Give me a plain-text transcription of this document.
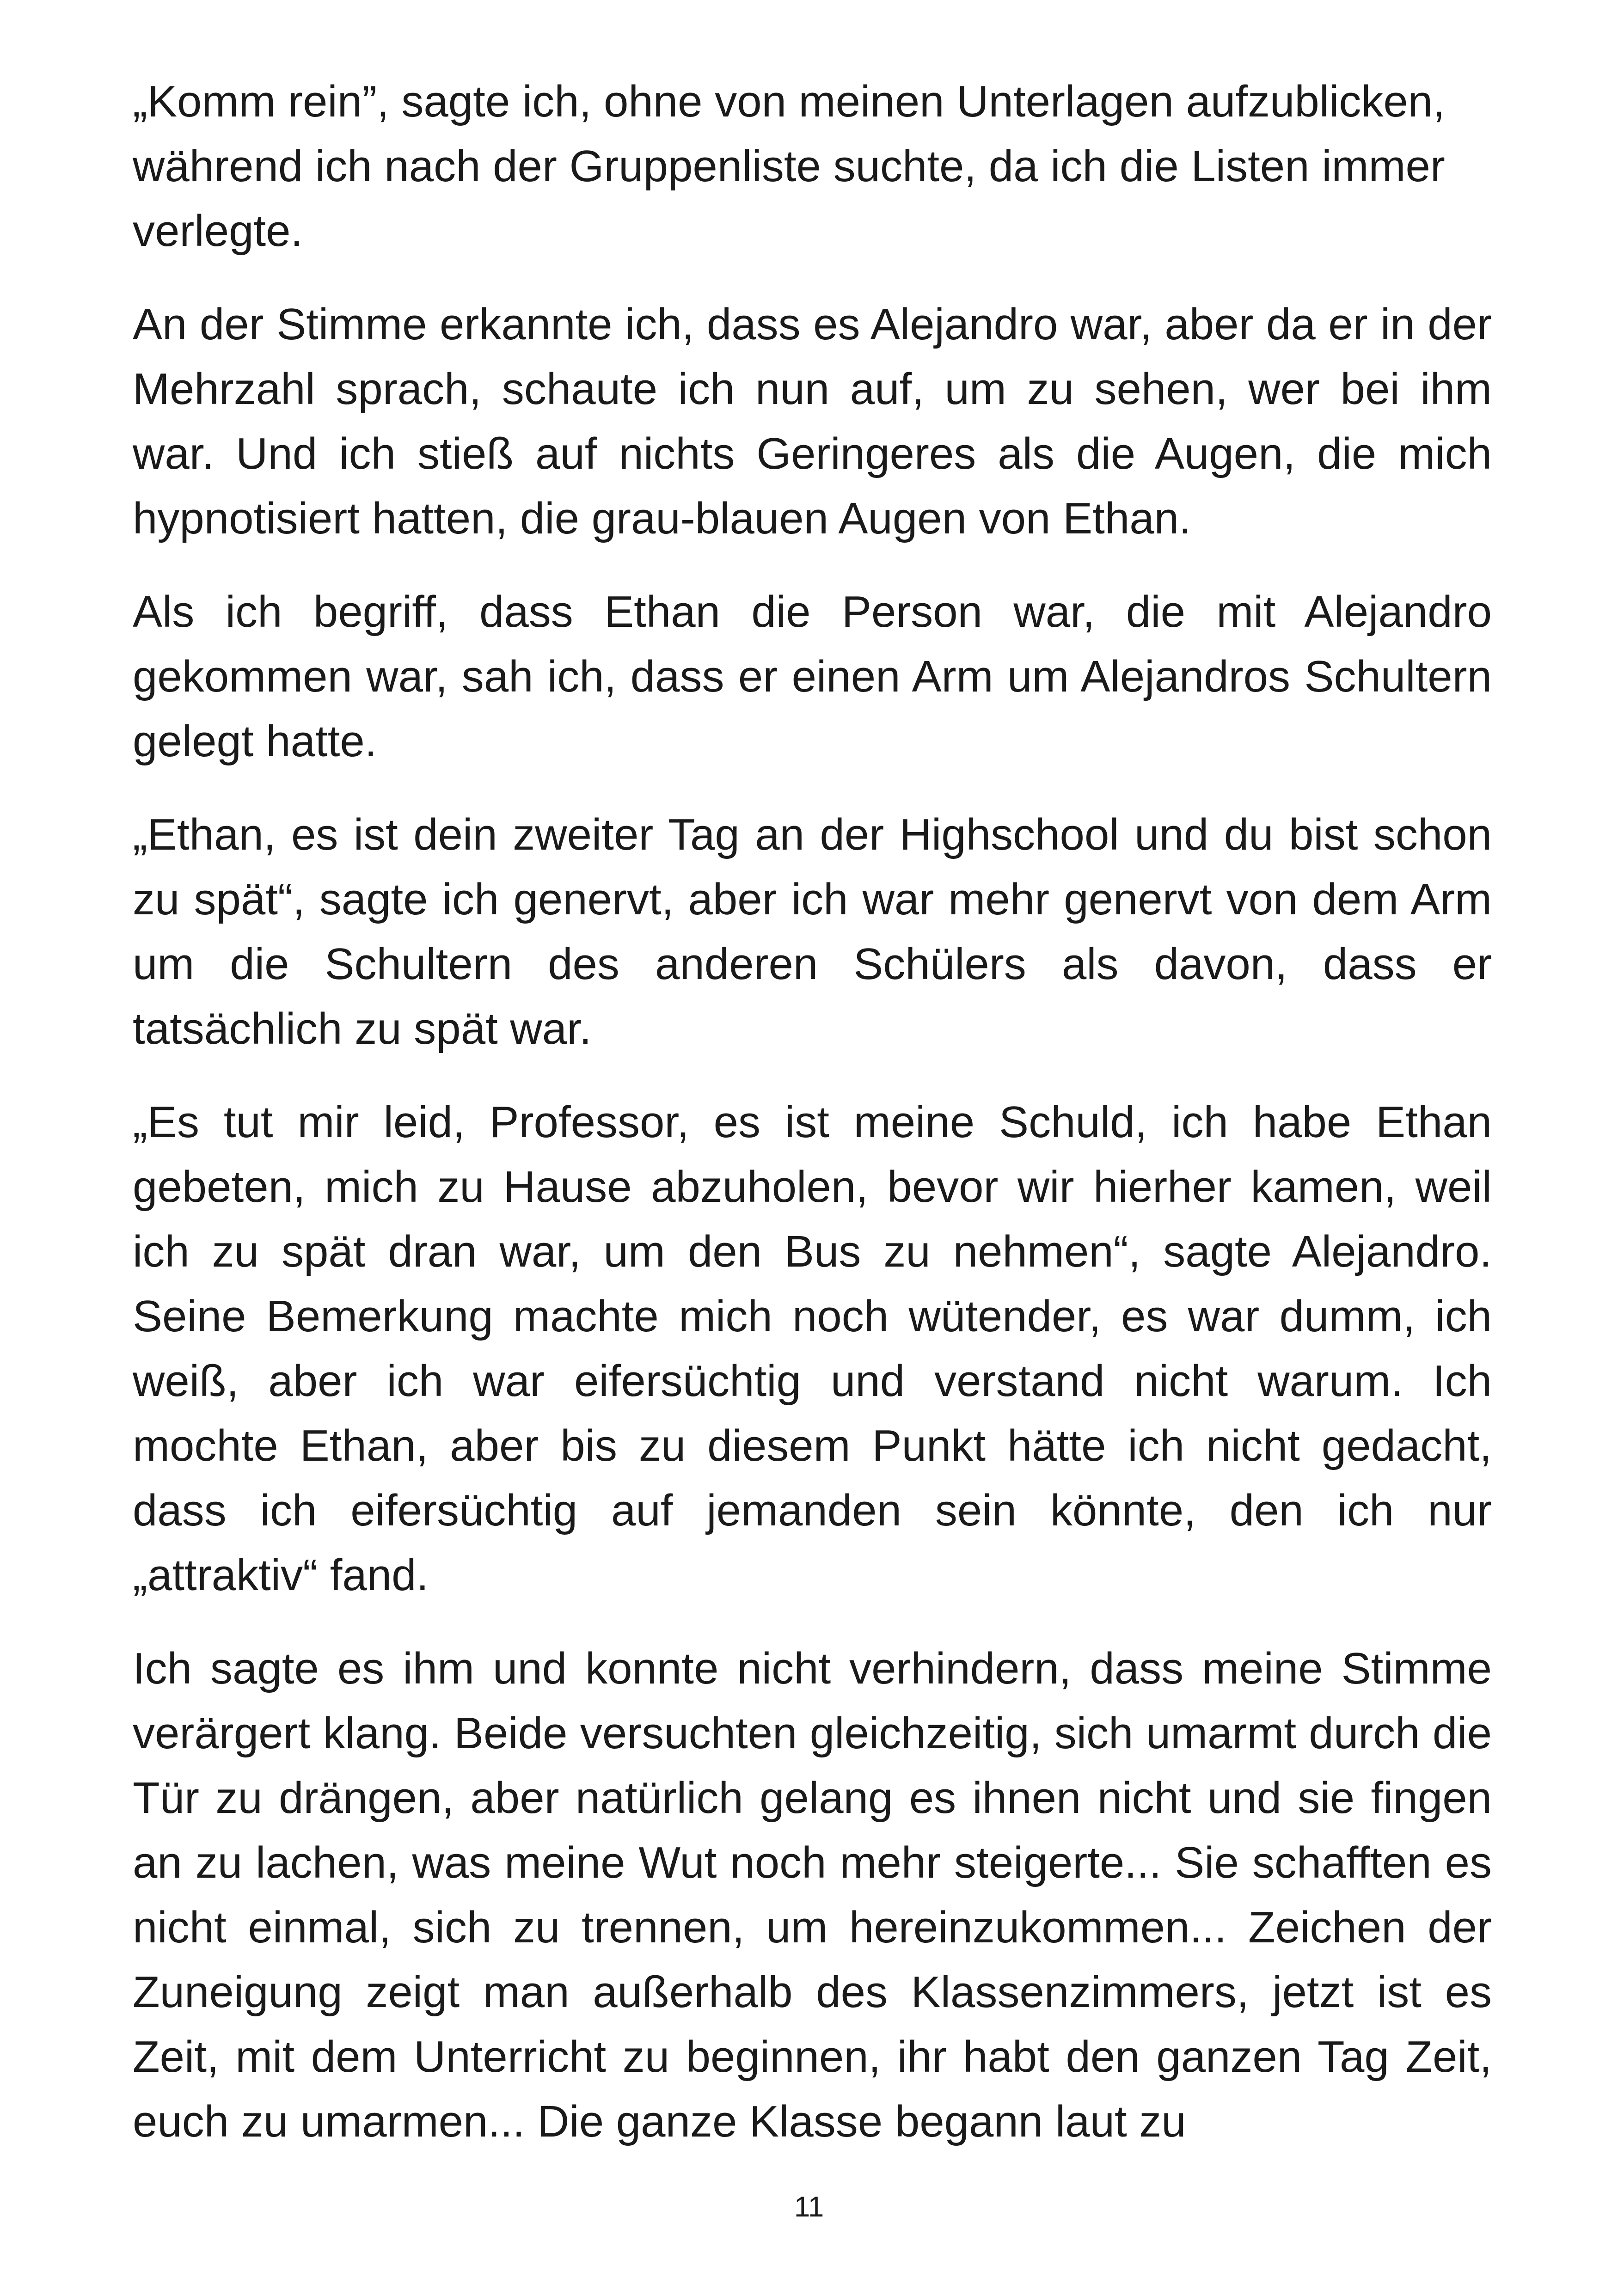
„Komm rein”, sagte ich, ohne von meinen Unterlagen aufzublicken, während ich nach der Gruppenliste suchte, da ich die Listen immer verlegte.

An der Stimme erkannte ich, dass es Alejandro war, aber da er in der Mehrzahl sprach, schaute ich nun auf, um zu sehen, wer bei ihm war. Und ich stieß auf nichts Geringeres als die Augen, die mich hypnotisiert hatten, die grau-blauen Augen von Ethan.

Als ich begriff, dass Ethan die Person war, die mit Alejandro gekommen war, sah ich, dass er einen Arm um Alejandros Schultern gelegt hatte.

„Ethan, es ist dein zweiter Tag an der Highschool und du bist schon zu spät“, sagte ich genervt, aber ich war mehr genervt von dem Arm um die Schultern des anderen Schülers als davon, dass er tatsächlich zu spät war.

„Es tut mir leid, Professor, es ist meine Schuld, ich habe Ethan gebeten, mich zu Hause abzuholen, bevor wir hierher kamen, weil ich zu spät dran war, um den Bus zu nehmen“, sagte Alejandro. Seine Bemerkung machte mich noch wütender, es war dumm, ich weiß, aber ich war eifersüchtig und verstand nicht warum. Ich mochte Ethan, aber bis zu diesem Punkt hätte ich nicht gedacht, dass ich eifersüchtig auf jemanden sein könnte, den ich nur „attraktiv“ fand.

Ich sagte es ihm und konnte nicht verhindern, dass meine Stimme verärgert klang. Beide versuchten gleichzeitig, sich umarmt durch die Tür zu drängen, aber natürlich gelang es ihnen nicht und sie fingen an zu lachen, was meine Wut noch mehr steigerte... Sie schafften es nicht einmal, sich zu trennen, um hereinzukommen... Zeichen der Zuneigung zeigt man außerhalb des Klassenzimmers, jetzt ist es Zeit, mit dem Unterricht zu beginnen, ihr habt den ganzen Tag Zeit, euch zu umarmen... Die ganze Klasse begann laut zu

11
